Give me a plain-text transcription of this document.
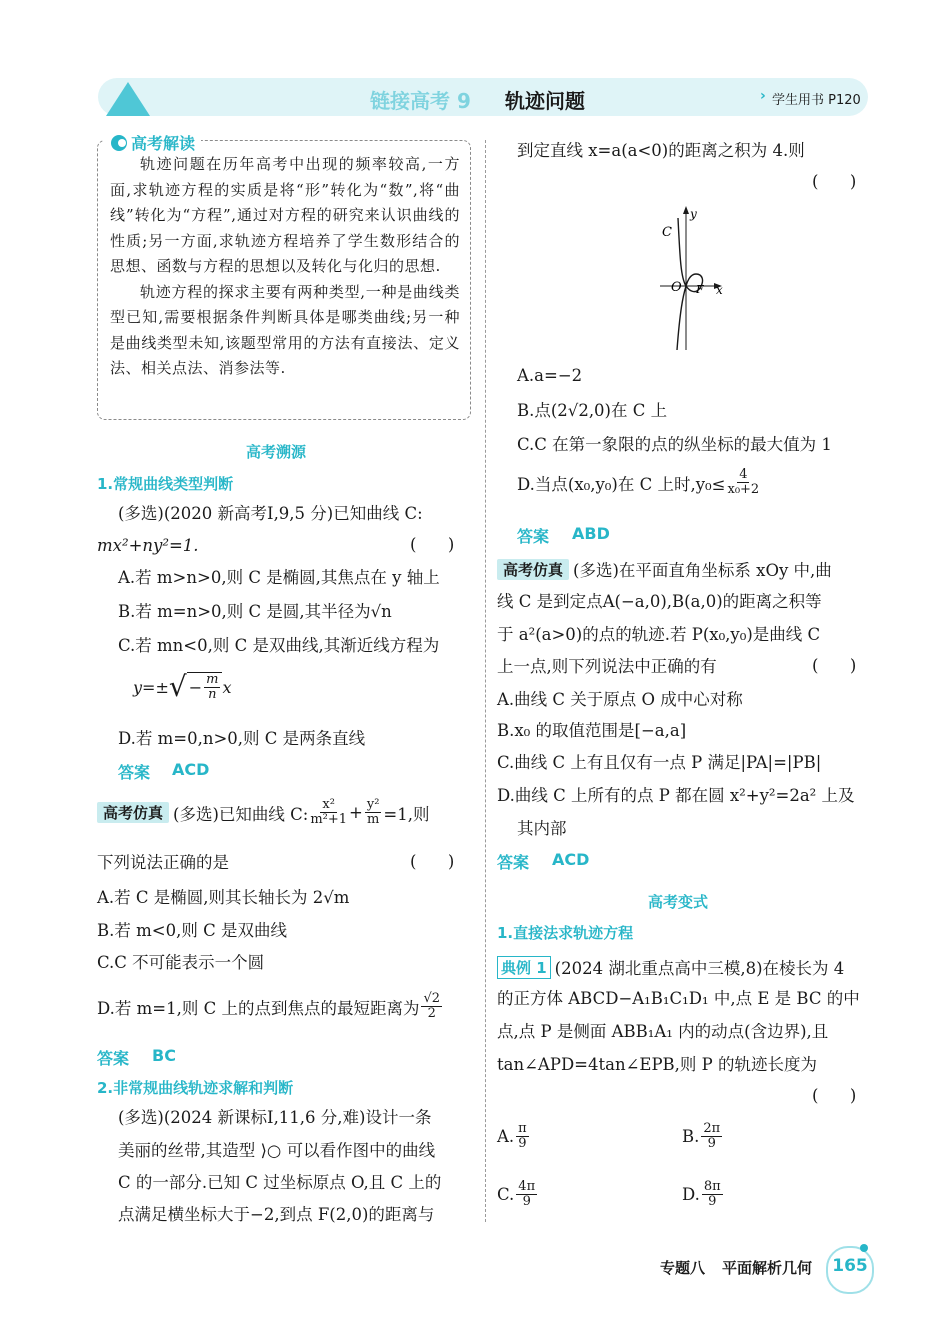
链接高考 9 轨迹问题	› 学生用书 P120
高考解读

轨迹问题在历年高考中出现的频率较高,一方面,求轨迹方程的实质是将“形”转化为“数”,将“曲线”转化为“方程”,通过对方程的研究来认识曲线的性质;另一方面,求轨迹方程培养了学生数形结合的思想、函数与方程的思想以及转化与化归的思想.

轨迹方程的探求主要有两种类型,一种是曲线类型已知,需要根据条件判断具体是哪类曲线;另一种是曲线类型未知,该题型常用的方法有直接法、定义法、相关点法、消参法等.

高考溯源
1.常规曲线类型判断
(多选)(2020 新高考Ⅰ,9,5 分)已知曲线 C:
mx²+ny²=1.	(      )
A.若 m>n>0,则 C 是椭圆,其焦点在 y 轴上
B.若 m=n>0,则 C 是圆,其半径为√n
C.若 mn<0,则 C 是双曲线,其渐近线方程为
y=± √ − $\frac{m}{n}$ x
D.若 m=0,n>0,则 C 是两条直线
答案 ACD
高考仿真 (多选)已知曲线 C: $\frac{\text{x²}}{\text{m²+1}} + \frac{\text{y²}}{m} =1$,则
下列说法正确的是	(      )
A.若 C 是椭圆,则其长轴长为 2√m
B.若 m<0,则 C 是双曲线
C.C 不可能表示一个圆
D.若 m=1,则 C 上的点到焦点的最短距离为 $\frac{√2}{2}$
答案 BC
2.非常规曲线轨迹求解和判断
(多选)(2024 新课标Ⅰ,11,6 分,难)设计一条
美丽的丝带,其造型 ⟩○ 可以看作图中的曲线
C 的一部分.已知 C 过坐标原点 O,且 C 上的
点满足横坐标大于−2,到点 F(2,0)的距离与
到定直线 x=a(a<0)的距离之积为 4.则
(      )
y
C
O F x
A.a=−2
B.点(2√2,0)在 C 上
C.C 在第一象限的点的纵坐标的最大值为 1
D.当点(x₀,y₀)在 C 上时$,y_0\le \frac{4}{\text{x₀+2}}$
答案 ABD
高考仿真 (多选)在平面直角坐标系 xOy 中,曲
线 C 是到定点A(−a,0),B(a,0)的距离之积等
于 a²(a>0)的点的轨迹.若 P(x₀,y₀)是曲线 C
上一点,则下列说法中正确的有	(      )
A.曲线 C 关于原点 O 成中心对称
B.x₀ 的取值范围是[−a,a]
C.曲线 C 上有且仅有一点 P 满足|PA|=|PB|
D.曲线 C 上所有的点 P 都在圆 x²+y²=2a² 上及
其内部
答案 ACD
高考变式
1.直接法求轨迹方程
典例 1 (2024 湖北重点高中三模,8)在棱长为 4
的正方体 ABCD−A₁B₁C₁D₁ 中,点 E 是 BC 的中
点,点 P 是侧面 ABB₁A₁ 内的动点(含边界),且
tan∠APD=4tan∠EPB,则 P 的轨迹长度为
(      )
A. $\frac{\pi}{9}$	B. $\frac{2\pi}{9}$
C. $\frac{4\pi}{9}$	D. $\frac{8\pi}{9}$
专题八 平面解析几何 165
